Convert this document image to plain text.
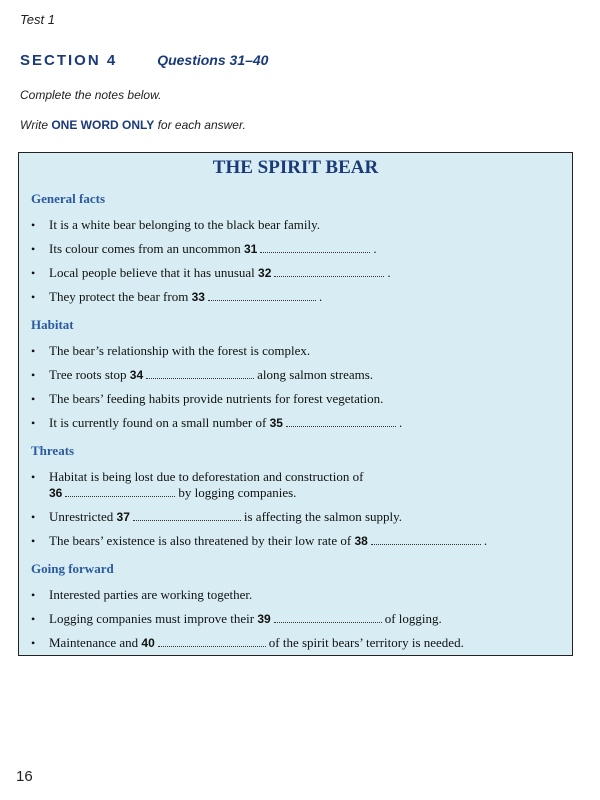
Test 1
SECTION 4	Questions 31–40
Complete the notes below.
Write ONE WORD ONLY for each answer.
THE SPIRIT BEAR
General facts
• It is a white bear belonging to the black bear family.
• Its colour comes from an uncommon 31	.
• Local people believe that it has unusual 32	.
• They protect the bear from 33	.
Habitat
• The bear’s relationship with the forest is complex.
• Tree roots stop 34	along salmon streams.
• The bears’ feeding habits provide nutrients for forest vegetation.
• It is currently found on a small number of 35	.
Threats
• Habitat is being lost due to deforestation and construction of
36	by logging companies.
• Unrestricted 37	is affecting the salmon supply.
• The bears’ existence is also threatened by their low rate of 38	.
Going forward
• Interested parties are working together.
• Logging companies must improve their 39	of logging.
• Maintenance and 40	of the spirit bears’ territory is needed.
16
